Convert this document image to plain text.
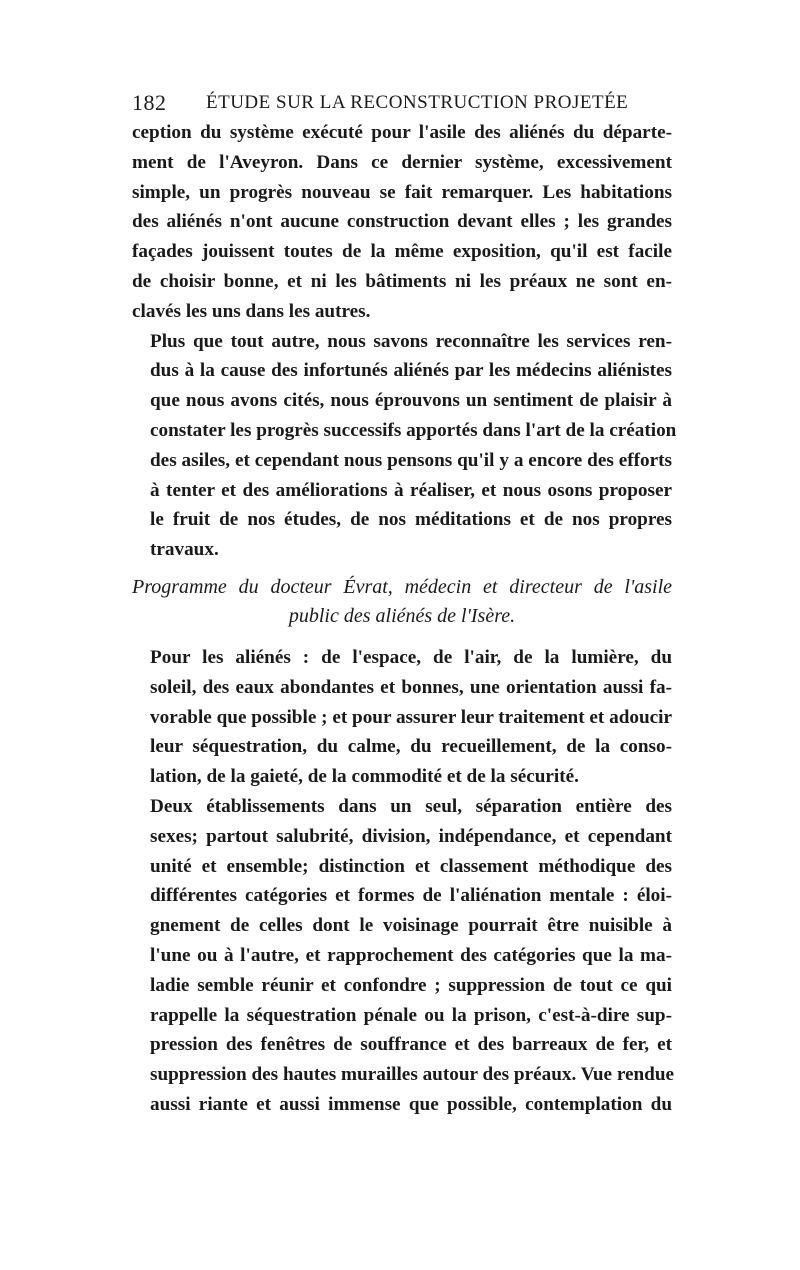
182 ÉTUDE SUR LA RECONSTRUCTION PROJETÉE

ception du système exécuté pour l'asile des aliénés du départe-
ment de l'Aveyron. Dans ce dernier système, excessivement
simple, un progrès nouveau se fait remarquer. Les habitations
des aliénés n'ont aucune construction devant elles ; les grandes
façades jouissent toutes de la même exposition, qu'il est facile
de choisir bonne, et ni les bâtiments ni les préaux ne sont en-
clavés les uns dans les autres.

Plus que tout autre, nous savons reconnaître les services ren-
dus à la cause des infortunés aliénés par les médecins aliénistes
que nous avons cités, nous éprouvons un sentiment de plaisir à
constater les progrès successifs apportés dans l'art de la création
des asiles, et cependant nous pensons qu'il y a encore des efforts
à tenter et des améliorations à réaliser, et nous osons proposer
le fruit de nos études, de nos méditations et de nos propres
travaux.

Programme du docteur Évrat, médecin et directeur de l'asile
public des aliénés de l'Isère.

Pour les aliénés : de l'espace, de l'air, de la lumière, du
soleil, des eaux abondantes et bonnes, une orientation aussi fa-
vorable que possible ; et pour assurer leur traitement et adoucir
leur séquestration, du calme, du recueillement, de la conso-
lation, de la gaieté, de la commodité et de la sécurité.

Deux établissements dans un seul, séparation entière des
sexes; partout salubrité, division, indépendance, et cependant
unité et ensemble; distinction et classement méthodique des
différentes catégories et formes de l'aliénation mentale : éloi-
gnement de celles dont le voisinage pourrait être nuisible à
l'une ou à l'autre, et rapprochement des catégories que la ma-
ladie semble réunir et confondre ; suppression de tout ce qui
rappelle la séquestration pénale ou la prison, c'est-à-dire sup-
pression des fenêtres de souffrance et des barreaux de fer, et
suppression des hautes murailles autour des préaux. Vue rendue
aussi riante et aussi immense que possible, contemplation du
